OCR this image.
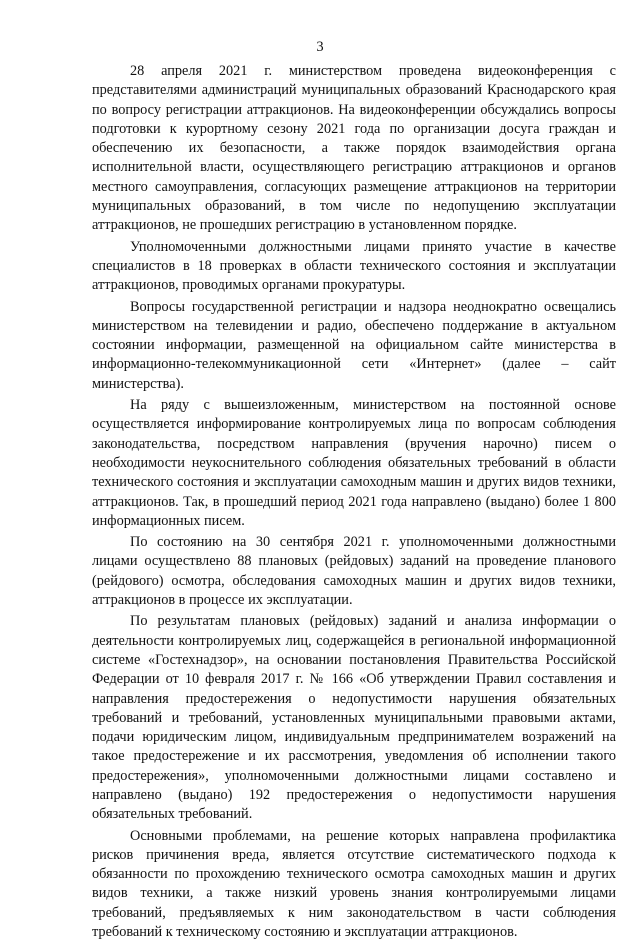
3

28 апреля 2021 г. министерством проведена видеоконференция с представителями администраций муниципальных образований Краснодарского края по вопросу регистрации аттракционов. На видеоконференции обсуждались вопросы подготовки к курортному сезону 2021 года по организации досуга граждан и обеспечению их безопасности, а также порядок взаимодействия органа исполнительной власти, осуществляющего регистрацию аттракционов и органов местного самоуправления, согласующих размещение аттракционов на территории муниципальных образований, в том числе по недопущению эксплуатации аттракционов, не прошедших регистрацию в установленном порядке.

Уполномоченными должностными лицами принято участие в качестве специалистов в 18 проверках в области технического состояния и эксплуатации аттракционов, проводимых органами прокуратуры.

Вопросы государственной регистрации и надзора неоднократно освещались министерством на телевидении и радио, обеспечено поддержание в актуальном состоянии информации, размещенной на официальном сайте министерства в информационно-телекоммуникационной сети «Интернет» (далее – сайт министерства).

На ряду с вышеизложенным, министерством на постоянной основе осуществляется информирование контролируемых лица по вопросам соблюдения законодательства, посредством направления (вручения нарочно) писем о необходимости неукоснительного соблюдения обязательных требований в области технического состояния и эксплуатации самоходным машин и других видов техники, аттракционов. Так, в прошедший период 2021 года направлено (выдано) более 1 800 информационных писем.

По состоянию на 30 сентября 2021 г. уполномоченными должностными лицами осуществлено 88 плановых (рейдовых) заданий на проведение планового (рейдового) осмотра, обследования самоходных машин и других видов техники, аттракционов в процессе их эксплуатации.

По результатам плановых (рейдовых) заданий и анализа информации о деятельности контролируемых лиц, содержащейся в региональной информационной системе «Гостехнадзор», на основании постановления Правительства Российской Федерации от 10 февраля 2017 г. № 166 «Об утверждении Правил составления и направления предостережения о недопустимости нарушения обязательных требований и требований, установленных муниципальными правовыми актами, подачи юридическим лицом, индивидуальным предпринимателем возражений на такое предостережение и их рассмотрения, уведомления об исполнении такого предостережения», уполномоченными должностными лицами составлено и направлено (выдано) 192 предостережения о недопустимости нарушения обязательных требований.

Основными проблемами, на решение которых направлена профилактика рисков причинения вреда, является отсутствие систематического подхода к обязанности по прохождению технического осмотра самоходных машин и других видов техники, а также низкий уровень знания контролируемыми лицами требований, предъявляемых к ним законодательством в части соблюдения требований к техническому состоянию и эксплуатации аттракционов.
